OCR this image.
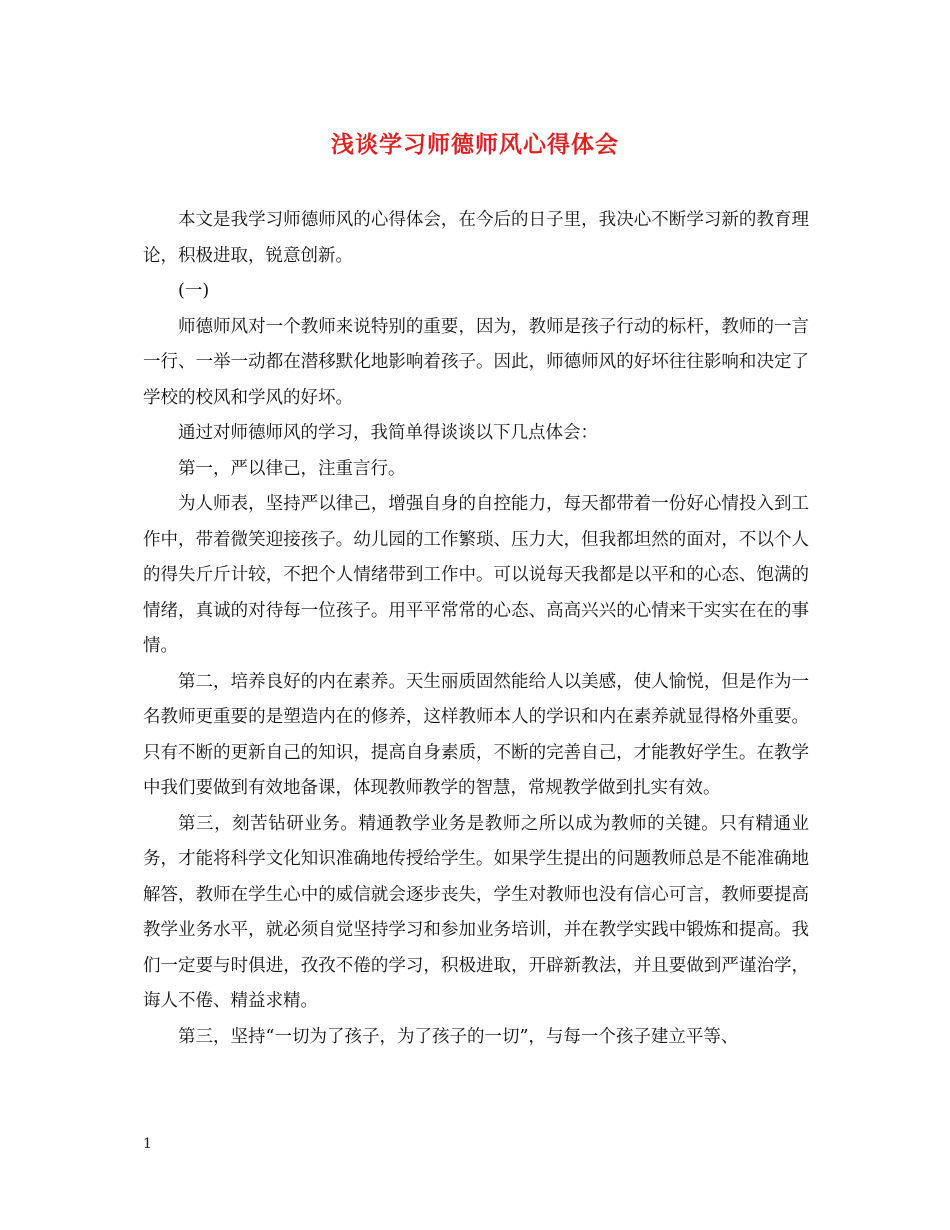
浅谈学习师德师风心得体会

本文是我学习师德师风的心得体会，在今后的日子里，我决心不断学习新的教育理论，积极进取，锐意创新。

(一)

师德师风对一个教师来说特别的重要，因为，教师是孩子行动的标杆，教师的一言一行、一举一动都在潜移默化地影响着孩子。因此，师德师风的好坏往往影响和决定了学校的校风和学风的好坏。

通过对师德师风的学习，我简单得谈谈以下几点体会：

第一，严以律己，注重言行。

为人师表，坚持严以律己，增强自身的自控能力，每天都带着一份好心情投入到工作中，带着微笑迎接孩子。幼儿园的工作繁琐、压力大，但我都坦然的面对，不以个人的得失斤斤计较，不把个人情绪带到工作中。可以说每天我都是以平和的心态、饱满的情绪，真诚的对待每一位孩子。用平平常常的心态、高高兴兴的心情来干实实在在的事情。

第二，培养良好的内在素养。天生丽质固然能给人以美感，使人愉悦，但是作为一名教师更重要的是塑造内在的修养，这样教师本人的学识和内在素养就显得格外重要。只有不断的更新自己的知识，提高自身素质，不断的完善自己，才能教好学生。在教学中我们要做到有效地备课，体现教师教学的智慧，常规教学做到扎实有效。

第三，刻苦钻研业务。精通教学业务是教师之所以成为教师的关键。只有精通业务，才能将科学文化知识准确地传授给学生。如果学生提出的问题教师总是不能准确地解答，教师在学生心中的威信就会逐步丧失，学生对教师也没有信心可言，教师要提高教学业务水平，就必须自觉坚持学习和参加业务培训，并在教学实践中锻炼和提高。我们一定要与时俱进，孜孜不倦的学习，积极进取，开辟新教法，并且要做到严谨治学，诲人不倦、精益求精。

第三，坚持“一切为了孩子，为了孩子的一切”，与每一个孩子建立平等、

1
